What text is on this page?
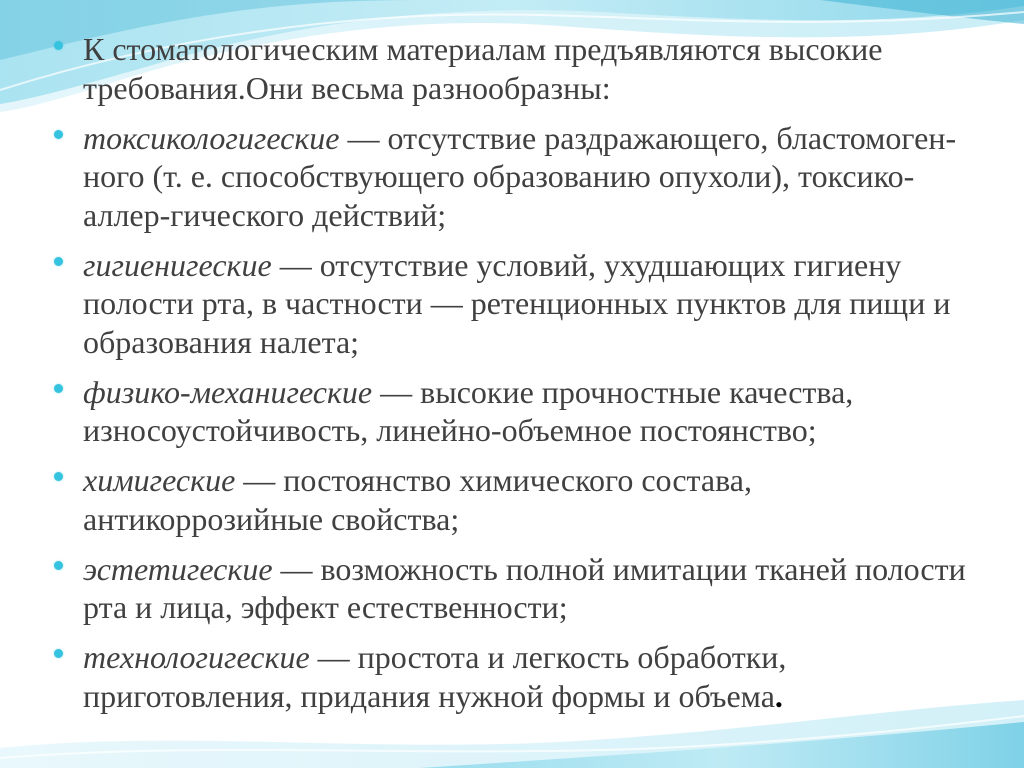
К стоматологическим материалам предъявляются высокие требования.Они весьма разнообразны:
токсикологигеские — отсутствие раздражающего, бластомоген-ного (т. е. способствующего образованию опухоли), токсико-аллер-гического действий;
гигиенигеские — отсутствие условий, ухудшающих гигиену полости рта, в частности — ретенционных пунктов для пищи и образования налета;
физико-механигеские — высокие прочностные качества, износоустойчивость, линейно-объемное постоянство;
химигеские — постоянство химического состава, антикоррозийные свойства;
эстетигеские — возможность полной имитации тканей полости рта и лица, эффект естественности;
технологигеские — простота и легкость обработки, приготовления, придания нужной формы и объема.
